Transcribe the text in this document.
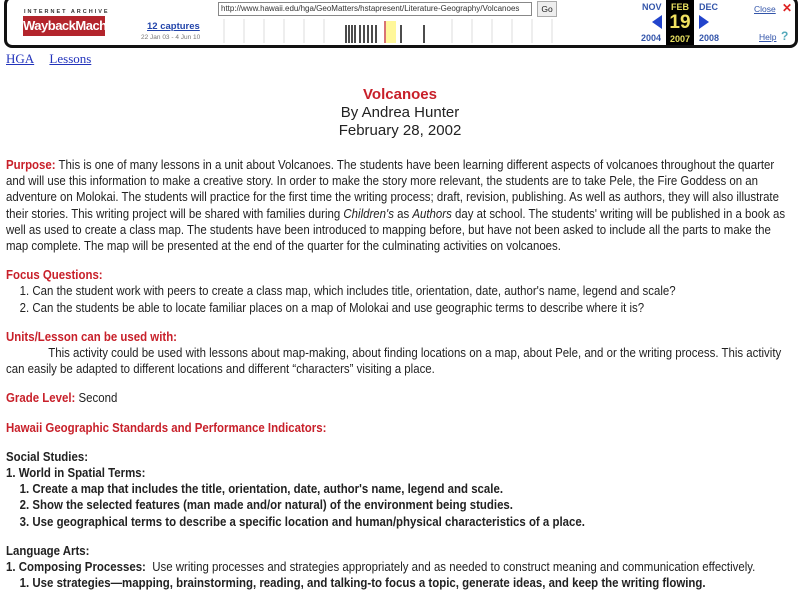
INTERNET ARCHIVE
WaybackMachine 12 captures
22 Jan 03 - 4 Jun 10
http://www.hawaii.edu/hga/GeoMatters/hstapresent/Literature-Geography/Volcanoes	Go	NOV
2004
FEB
19
2007
DEC
2008
Close ✕
Help ?
HGA Lessons
Volcanoes
By Andrea Hunter
February 28, 2002

Purpose: This is one of many lessons in a unit about Volcanoes. The students have been learning different aspects of volcanoes throughout the quarter and will use this information to make a creative story. In order to make the story more relevant, the students are to take Pele, the Fire Goddess on an adventure on Molokai. The students will practice for the first time the writing process; draft, revision, publishing. As well as authors, they will also illustrate their stories. This writing project will be shared with families during Children's as Authors day at school. The students' writing will be published in a book as well as used to create a class map. The students have been introduced to mapping before, but have not been asked to include all the parts to make the map complete. The map will be presented at the end of the quarter for the culminating activities on volcanoes.

Focus Questions:
1. Can the student work with peers to create a class map, which includes title, orientation, date, author's name, legend and scale?
2. Can the students be able to locate familiar places on a map of Molokai and use geographic terms to describe where it is?
Units/Lesson can be used with:

This activity could be used with lessons about map-making, about finding locations on a map, about Pele, and or the writing process. This activity can easily be adapted to different locations and different “characters” visiting a place.

Grade Level: Second

Hawaii Geographic Standards and Performance Indicators:

Social Studies:
1. World in Spatial Terms:
1. Create a map that includes the title, orientation, date, author's name, legend and scale.
2. Show the selected features (man made and/or natural) of the environment being studies.
3. Use geographical terms to describe a specific location and human/physical characteristics of a place.
Language Arts:

1. Composing Processes: Use writing processes and strategies appropriately and as needed to construct meaning and communication effectively.

1. Use strategies—mapping, brainstorming, reading, and talking-to focus a topic, generate ideas, and keep the writing flowing.
